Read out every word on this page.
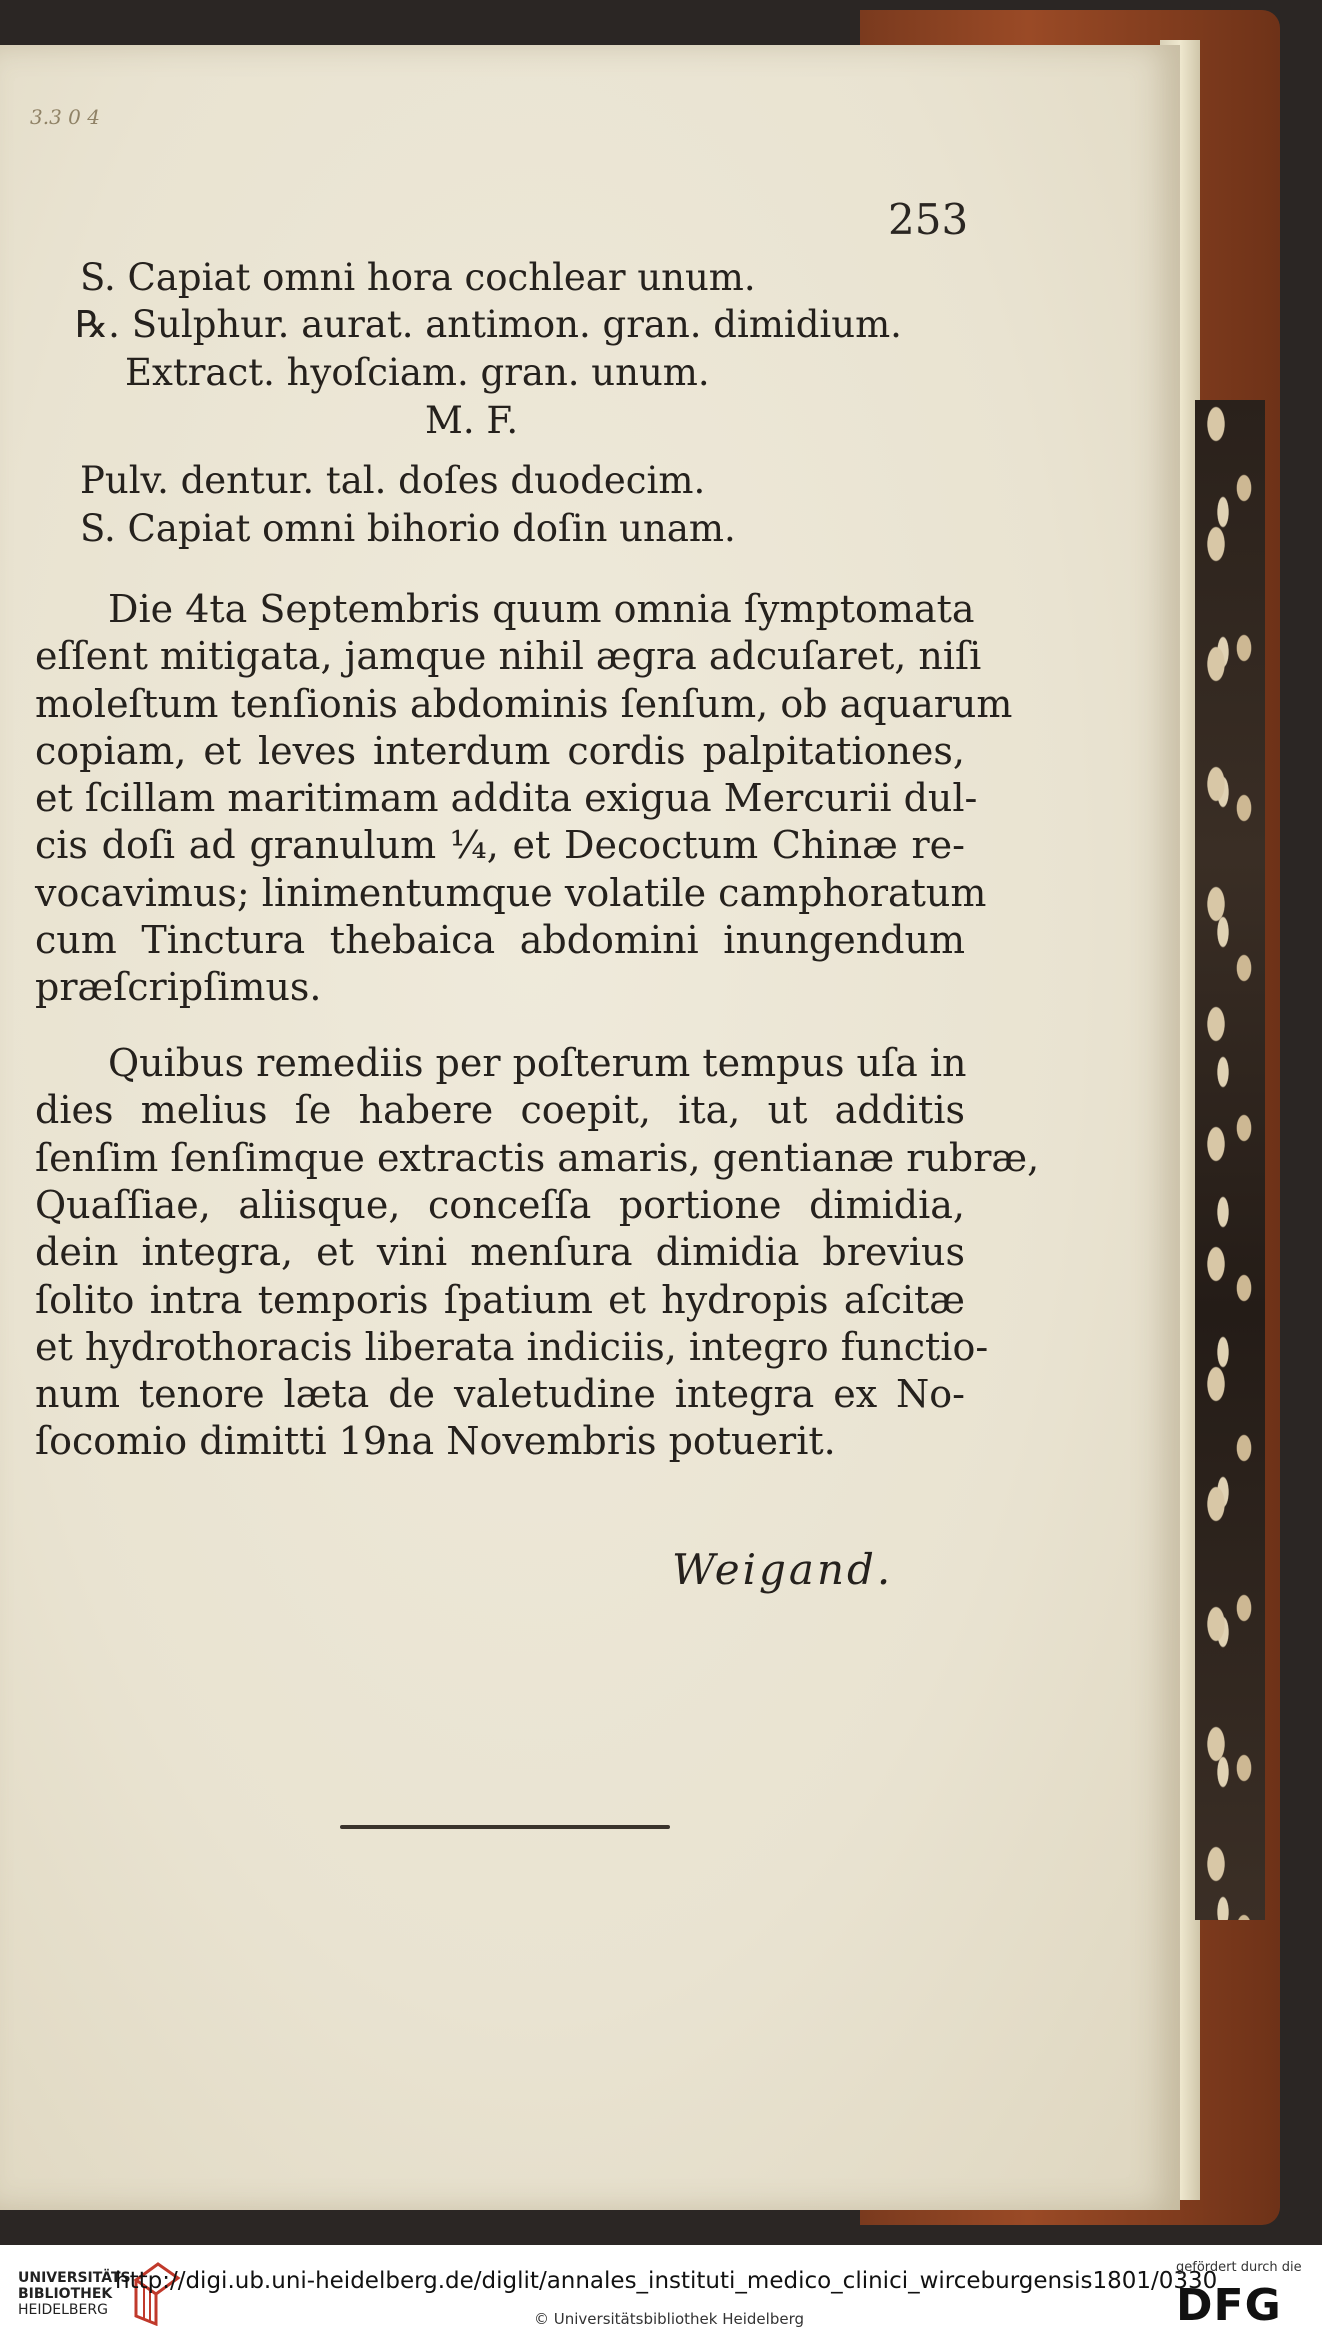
3.3 0 4
253
S. Capiat omni hora cochlear unum.
℞. Sulphur. aurat. antimon. gran. dimidium.
Extract. hyoſciam. gran. unum.
M. F.
Pulv. dentur. tal. doſes duodecim.
S. Capiat omni bihorio doſin unam.
Die 4ta Septembris quum omnia ſymptomata
eſſent mitigata, jamque nihil ægra adcuſaret, niſi
moleſtum tenſionis abdominis ſenſum, ob aquarum
copiam, et leves interdum cordis palpitationes,
et ſcillam maritimam addita exigua Mercurii dul-
cis doſi ad granulum ¼, et Decoctum Chinæ re-
vocavimus; linimentumque volatile camphoratum
cum Tinctura thebaica abdomini inungendum
præſcripſimus.
Quibus remediis per poſterum tempus uſa in
dies melius ſe habere coepit, ita, ut additis
ſenſim ſenſimque extractis amaris, gentianæ rubræ,
Quaſſiae, aliisque, conceſſa portione dimidia,
dein integra, et vini menſura dimidia brevius
ſolito intra temporis ſpatium et hydropis aſcitæ
et hydrothoracis liberata indiciis, integro functio-
num tenore læta de valetudine integra ex No-
ſocomio dimitti 19na Novembris potuerit.
Weigand.
UNIVERSITÄTS
BIBLIOTHEK
HEIDELBERG
http://digi.ub.uni-heidelberg.de/diglit/annales_instituti_medico_clinici_wirceburgensis1801/0330
© Universitätsbibliothek Heidelberg
gefördert durch die
DFG
